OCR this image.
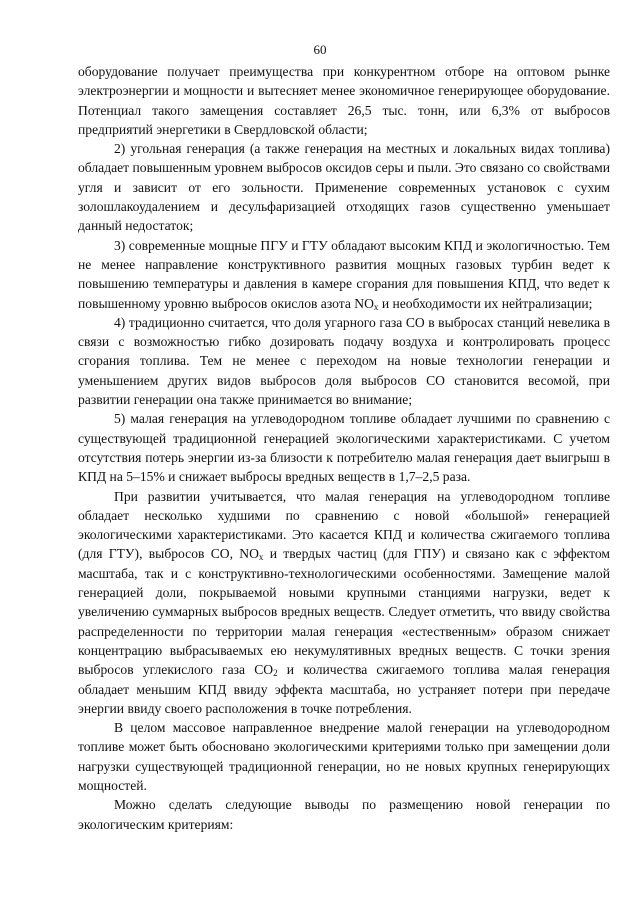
60

оборудование получает преимущества при конкурентном отборе на оптовом рынке электроэнергии и мощности и вытесняет менее экономичное генерирующее оборудование. Потенциал такого замещения составляет 26,5 тыс. тонн, или 6,3% от выбросов предприятий энергетики в Свердловской области;

2) угольная генерация (а также генерация на местных и локальных видах топлива) обладает повышенным уровнем выбросов оксидов серы и пыли. Это связано со свойствами угля и зависит от его зольности. Применение современных установок с сухим золошлакоудалением и десульфаризацией отходящих газов существенно уменьшает данный недостаток;

3) современные мощные ПГУ и ГТУ обладают высоким КПД и экологичностью. Тем не менее направление конструктивного развития мощных газовых турбин ведет к повышению температуры и давления в камере сгорания для повышения КПД, что ведет к повышенному уровню выбросов окислов азота $NO_x$ и необходимости их нейтрализации;

4) традиционно считается, что доля угарного газа CO в выбросах станций невелика в связи с возможностью гибко дозировать подачу воздуха и контролировать процесс сгорания топлива. Тем не менее с переходом на новые технологии генерации и уменьшением других видов выбросов доля выбросов CO становится весомой, при развитии генерации она также принимается во внимание;

5) малая генерация на углеводородном топливе обладает лучшими по сравнению с существующей традиционной генерацией экологическими характеристиками. С учетом отсутствия потерь энергии из-за близости к потребителю малая генерация дает выигрыш в КПД на 5–15% и снижает выбросы вредных веществ в 1,7–2,5 раза.

При развитии учитывается, что малая генерация на углеводородном топливе обладает несколько худшими по сравнению с новой «большой» генерацией экологическими характеристиками. Это касается КПД и количества сжигаемого топлива (для ГТУ), выбросов CO, $NO_x$ и твердых частиц (для ГПУ) и связано как с эффектом масштаба, так и с конструктивно-технологическими особенностями. Замещение малой генерацией доли, покрываемой новыми крупными станциями нагрузки, ведет к увеличению суммарных выбросов вредных веществ. Следует отметить, что ввиду свойства распределенности по территории малая генерация «естественным» образом снижает концентрацию выбрасываемых ею некумулятивных вредных веществ. С точки зрения выбросов углекислого газа $CO_2$ и количества сжигаемого топлива малая генерация обладает меньшим КПД ввиду эффекта масштаба, но устраняет потери при передаче энергии ввиду своего расположения в точке потребления.

В целом массовое направленное внедрение малой генерации на углеводородном топливе может быть обосновано экологическими критериями только при замещении доли нагрузки существующей традиционной генерации, но не новых крупных генерирующих мощностей.

Можно сделать следующие выводы по размещению новой генерации по экологическим критериям:
